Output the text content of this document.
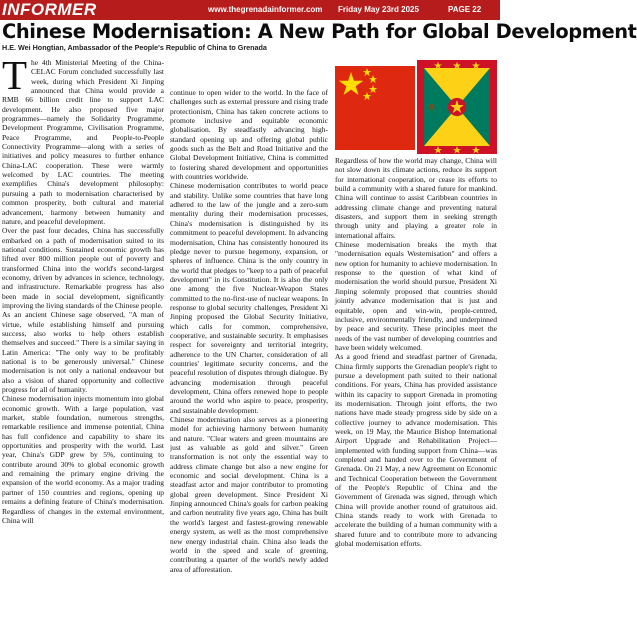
INFORMER	www.thegrenadainformer.com Friday May 23rd 2025	PAGE 22
Chinese Modernisation: A New Path for Global Development
H.E. Wei Hongtian, Ambassador of the People's Republic of China to Grenada
T he 4th Ministerial Meeting of the China-CELAC Forum concluded successfully last week, during which President Xi Jinping announced that China would provide a RMB 66 billion credit line to support LAC development. He also proposed five major programmes—namely the Solidarity Programme, Development Programme, Civilisation Programme, Peace Programme, and People-to-People Connectivity Programme—along with a series of initiatives and policy measures to further enhance China-LAC cooperation. These were warmly welcomed by LAC countries. The meeting exemplifies China's development philosophy: pursuing a path to modernisation characterised by common prosperity, both cultural and material advancement, harmony between humanity and nature, and peaceful development.

Over the past four decades, China has successfully embarked on a path of modernisation suited to its national conditions. Sustained economic growth has lifted over 800 million people out of poverty and transformed China into the world's second-largest economy, driven by advances in science, technology, and infrastructure. Remarkable progress has also been made in social development, significantly improving the living standards of the Chinese people.

As an ancient Chinese sage observed, "A man of virtue, while establishing himself and pursuing success, also works to help others establish themselves and succeed." There is a similar saying in Latin America: "The only way to be profitably national is to be generously universal." Chinese modernisation is not only a national endeavour but also a vision of shared opportunity and collective progress for all of humanity.

Chinese modernisation injects momentum into global economic growth. With a large population, vast market, stable foundation, numerous strengths, remarkable resilience and immense potential, China has full confidence and capability to share its opportunities and prosperity with the world. Last year, China's GDP grew by 5%, continuing to contribute around 30% to global economic growth and remaining the primary engine driving the expansion of the world economy. As a major trading partner of 150 countries and regions, opening up remains a defining feature of China's modernisation. Regardless of changes in the external environment, China will

continue to open wider to the world. In the face of challenges such as external pressure and rising trade protectionism, China has taken concrete actions to promote inclusive and equitable economic globalisation. By steadfastly advancing high-standard opening up and offering global public goods such as the Belt and Road Initiative and the Global Development Initiative, China is committed to fostering shared development and opportunities with countries worldwide.

Chinese modernisation contributes to world peace and stability. Unlike some countries that have long adhered to the law of the jungle and a zero-sum mentality during their modernisation processes, China's modernisation is distinguished by its commitment to peaceful development. In advancing modernisation, China has consistently honoured its pledge never to pursue hegemony, expansion, or spheres of influence. China is the only country in the world that pledges to "keep to a path of peaceful development" in its Constitution. It is also the only one among the five Nuclear-Weapon States committed to the no-first-use of nuclear weapons. In response to global security challenges, President Xi Jinping proposed the Global Security Initiative, which calls for common, comprehensive, cooperative, and sustainable security. It emphasises respect for sovereignty and territorial integrity, adherence to the UN Charter, consideration of all countries' legitimate security concerns, and the peaceful resolution of disputes through dialogue. By advancing modernisation through peaceful development, China offers renewed hope to people around the world who aspire to peace, prosperity, and sustainable development.

Chinese modernisation also serves as a pioneering model for achieving harmony between humanity and nature. "Clear waters and green mountains are just as valuable as gold and silver." Green transformation is not only the essential way to address climate change but also a new engine for economic and social development. China is a steadfast actor and major contributor to promoting global green development. Since President Xi Jinping announced China's goals for carbon peaking and carbon neutrality five years ago, China has built the world's largest and fastest-growing renewable energy system, as well as the most comprehensive new energy industrial chain. China also leads the world in the speed and scale of greening, contributing a quarter of the world's newly added area of afforestation.

Regardless of how the world may change, China will not slow down its climate actions, reduce its support for international cooperation, or cease its efforts to build a community with a shared future for mankind. China will continue to assist Caribbean countries in addressing climate change and preventing natural disasters, and support them in seeking strength through unity and playing a greater role in international affairs.

Chinese modernisation breaks the myth that "modernisation equals Westernisation" and offers a new option for humanity to achieve modernisation. In response to the question of what kind of modernisation the world should pursue, President Xi Jinping solemnly proposed that countries should jointly advance modernisation that is just and equitable, open and win-win, people-centred, inclusive, environmentally friendly, and underpinned by peace and security. These principles meet the needs of the vast number of developing countries and have been widely welcomed.

As a good friend and steadfast partner of Grenada, China firmly supports the Grenadian people's right to pursue a development path suited to their national conditions. For years, China has provided assistance within its capacity to support Grenada in promoting its modernisation. Through joint efforts, the two nations have made steady progress side by side on a collective journey to advance modernisation. This week, on 19 May, the Maurice Bishop International Airport Upgrade and Rehabilitation Project—implemented with funding support from China—was completed and handed over to the Government of Grenada. On 21 May, a new Agreement on Economic and Technical Cooperation between the Government of the People's Republic of China and the Government of Grenada was signed, through which China will provide another round of gratuitous aid. China stands ready to work with Grenada to accelerate the building of a human community with a shared future and to contribute more to advancing global modernisation efforts.
